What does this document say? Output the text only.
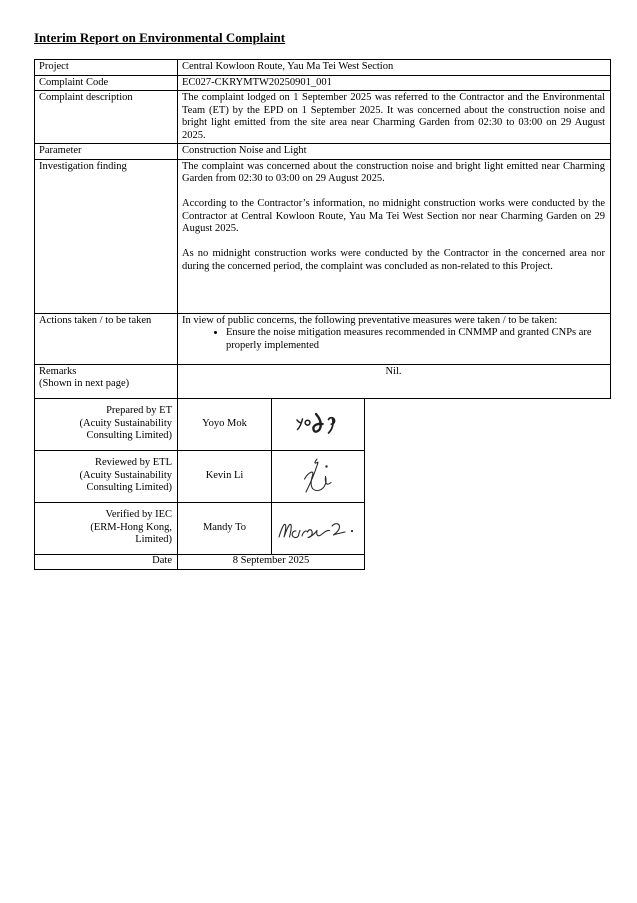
Interim Report on Environmental Complaint
Project	Central Kowloon Route, Yau Ma Tei West Section
Complaint Code	EC027-CKRYMTW20250901_001
Complaint description	The complaint lodged on 1 September 2025 was referred to the Contractor and the Environmental Team (ET) by the EPD on 1 September 2025. It was concerned about the construction noise and bright light emitted from the site area near Charming Garden from 02:30 to 03:00 on 29 August 2025.

Parameter	Construction Noise and Light
Investigation finding	The complaint was concerned about the construction noise and bright light emitted near Charming Garden from 02:30 to 03:00 on 29 August 2025.

According to the Contractor’s information, no midnight construction works were conducted by the Contractor at Central Kowloon Route, Yau Ma Tei West Section nor near Charming Garden on 29 August 2025.

As no midnight construction works were conducted by the Contractor in the concerned area nor during the concerned period, the complaint was concluded as non-related to this Project.

Actions taken / to be taken	In view of public concerns, the following preventative measures were taken / to be taken:

• Ensure the noise mitigation measures recommended in CNMMP and granted CNPs are properly implemented

Remarks
(Shown in next page)	Nil.
Prepared by ET
(Acuity Sustainability
Consulting Limited)	Yoyo Mok	

Reviewed by ETL
(Acuity Sustainability
Consulting Limited)	Kevin Li	

Verified by IEC
(ERM-Hong Kong,
Limited)	Mandy To	

Date	8 September 2025	
